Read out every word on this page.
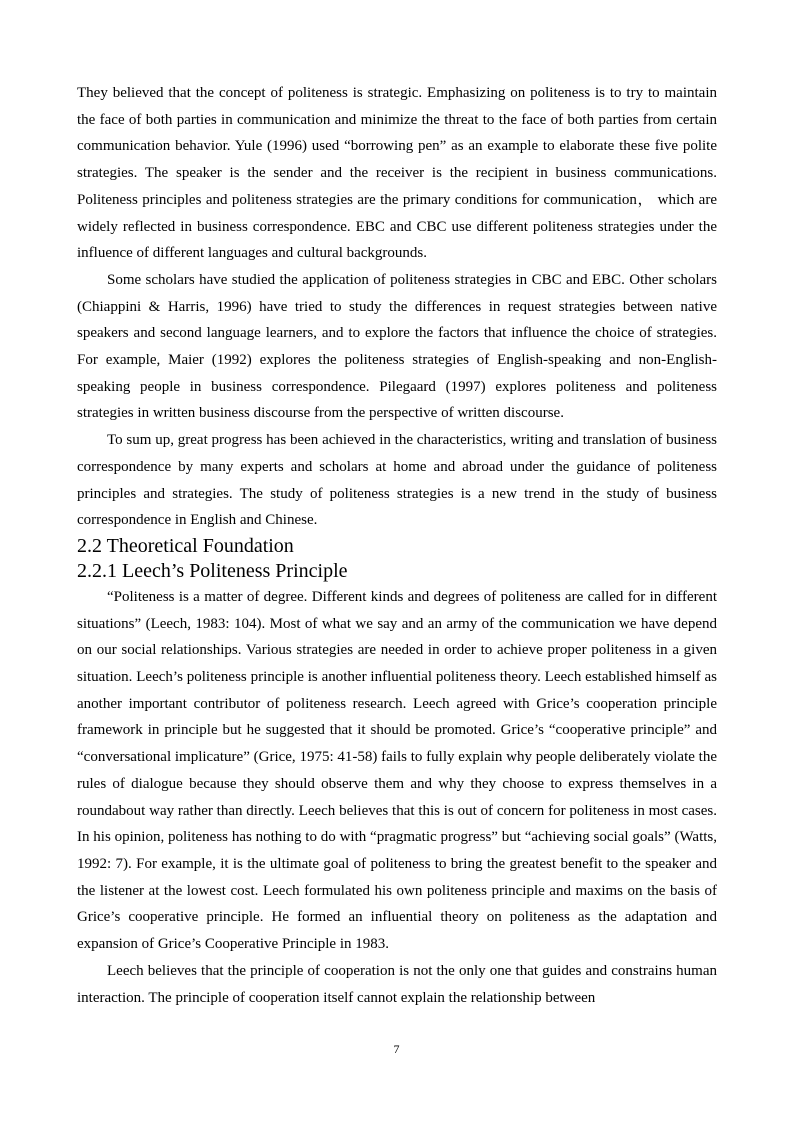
They believed that the concept of politeness is strategic. Emphasizing on politeness is to try to maintain the face of both parties in communication and minimize the threat to the face of both parties from certain communication behavior. Yule (1996) used “borrowing pen” as an example to elaborate these five polite strategies. The speaker is the sender and the receiver is the recipient in business communications. Politeness principles and politeness strategies are the primary conditions for communication， which are widely reflected in business correspondence. EBC and CBC use different politeness strategies under the influence of different languages and cultural backgrounds.

Some scholars have studied the application of politeness strategies in CBC and EBC. Other scholars (Chiappini & Harris, 1996) have tried to study the differences in request strategies between native speakers and second language learners, and to explore the factors that influence the choice of strategies. For example, Maier (1992) explores the politeness strategies of English-speaking and non-English-speaking people in business correspondence. Pilegaard (1997) explores politeness and politeness strategies in written business discourse from the perspective of written discourse.

To sum up, great progress has been achieved in the characteristics, writing and translation of business correspondence by many experts and scholars at home and abroad under the guidance of politeness principles and strategies. The study of politeness strategies is a new trend in the study of business correspondence in English and Chinese.

2.2 Theoretical Foundation
2.2.1 Leech’s Politeness Principle

“Politeness is a matter of degree. Different kinds and degrees of politeness are called for in different situations” (Leech, 1983: 104). Most of what we say and an army of the communication we have depend on our social relationships. Various strategies are needed in order to achieve proper politeness in a given situation. Leech’s politeness principle is another influential politeness theory. Leech established himself as another important contributor of politeness research. Leech agreed with Grice’s cooperation principle framework in principle but he suggested that it should be promoted. Grice’s “cooperative principle” and “conversational implicature” (Grice, 1975: 41-58) fails to fully explain why people deliberately violate the rules of dialogue because they should observe them and why they choose to express themselves in a roundabout way rather than directly. Leech believes that this is out of concern for politeness in most cases. In his opinion, politeness has nothing to do with “pragmatic progress” but “achieving social goals” (Watts, 1992: 7). For example, it is the ultimate goal of politeness to bring the greatest benefit to the speaker and the listener at the lowest cost. Leech formulated his own politeness principle and maxims on the basis of Grice’s cooperative principle. He formed an influential theory on politeness as the adaptation and expansion of Grice’s Cooperative Principle in 1983.

Leech believes that the principle of cooperation is not the only one that guides and constrains human interaction. The principle of cooperation itself cannot explain the relationship between

7
